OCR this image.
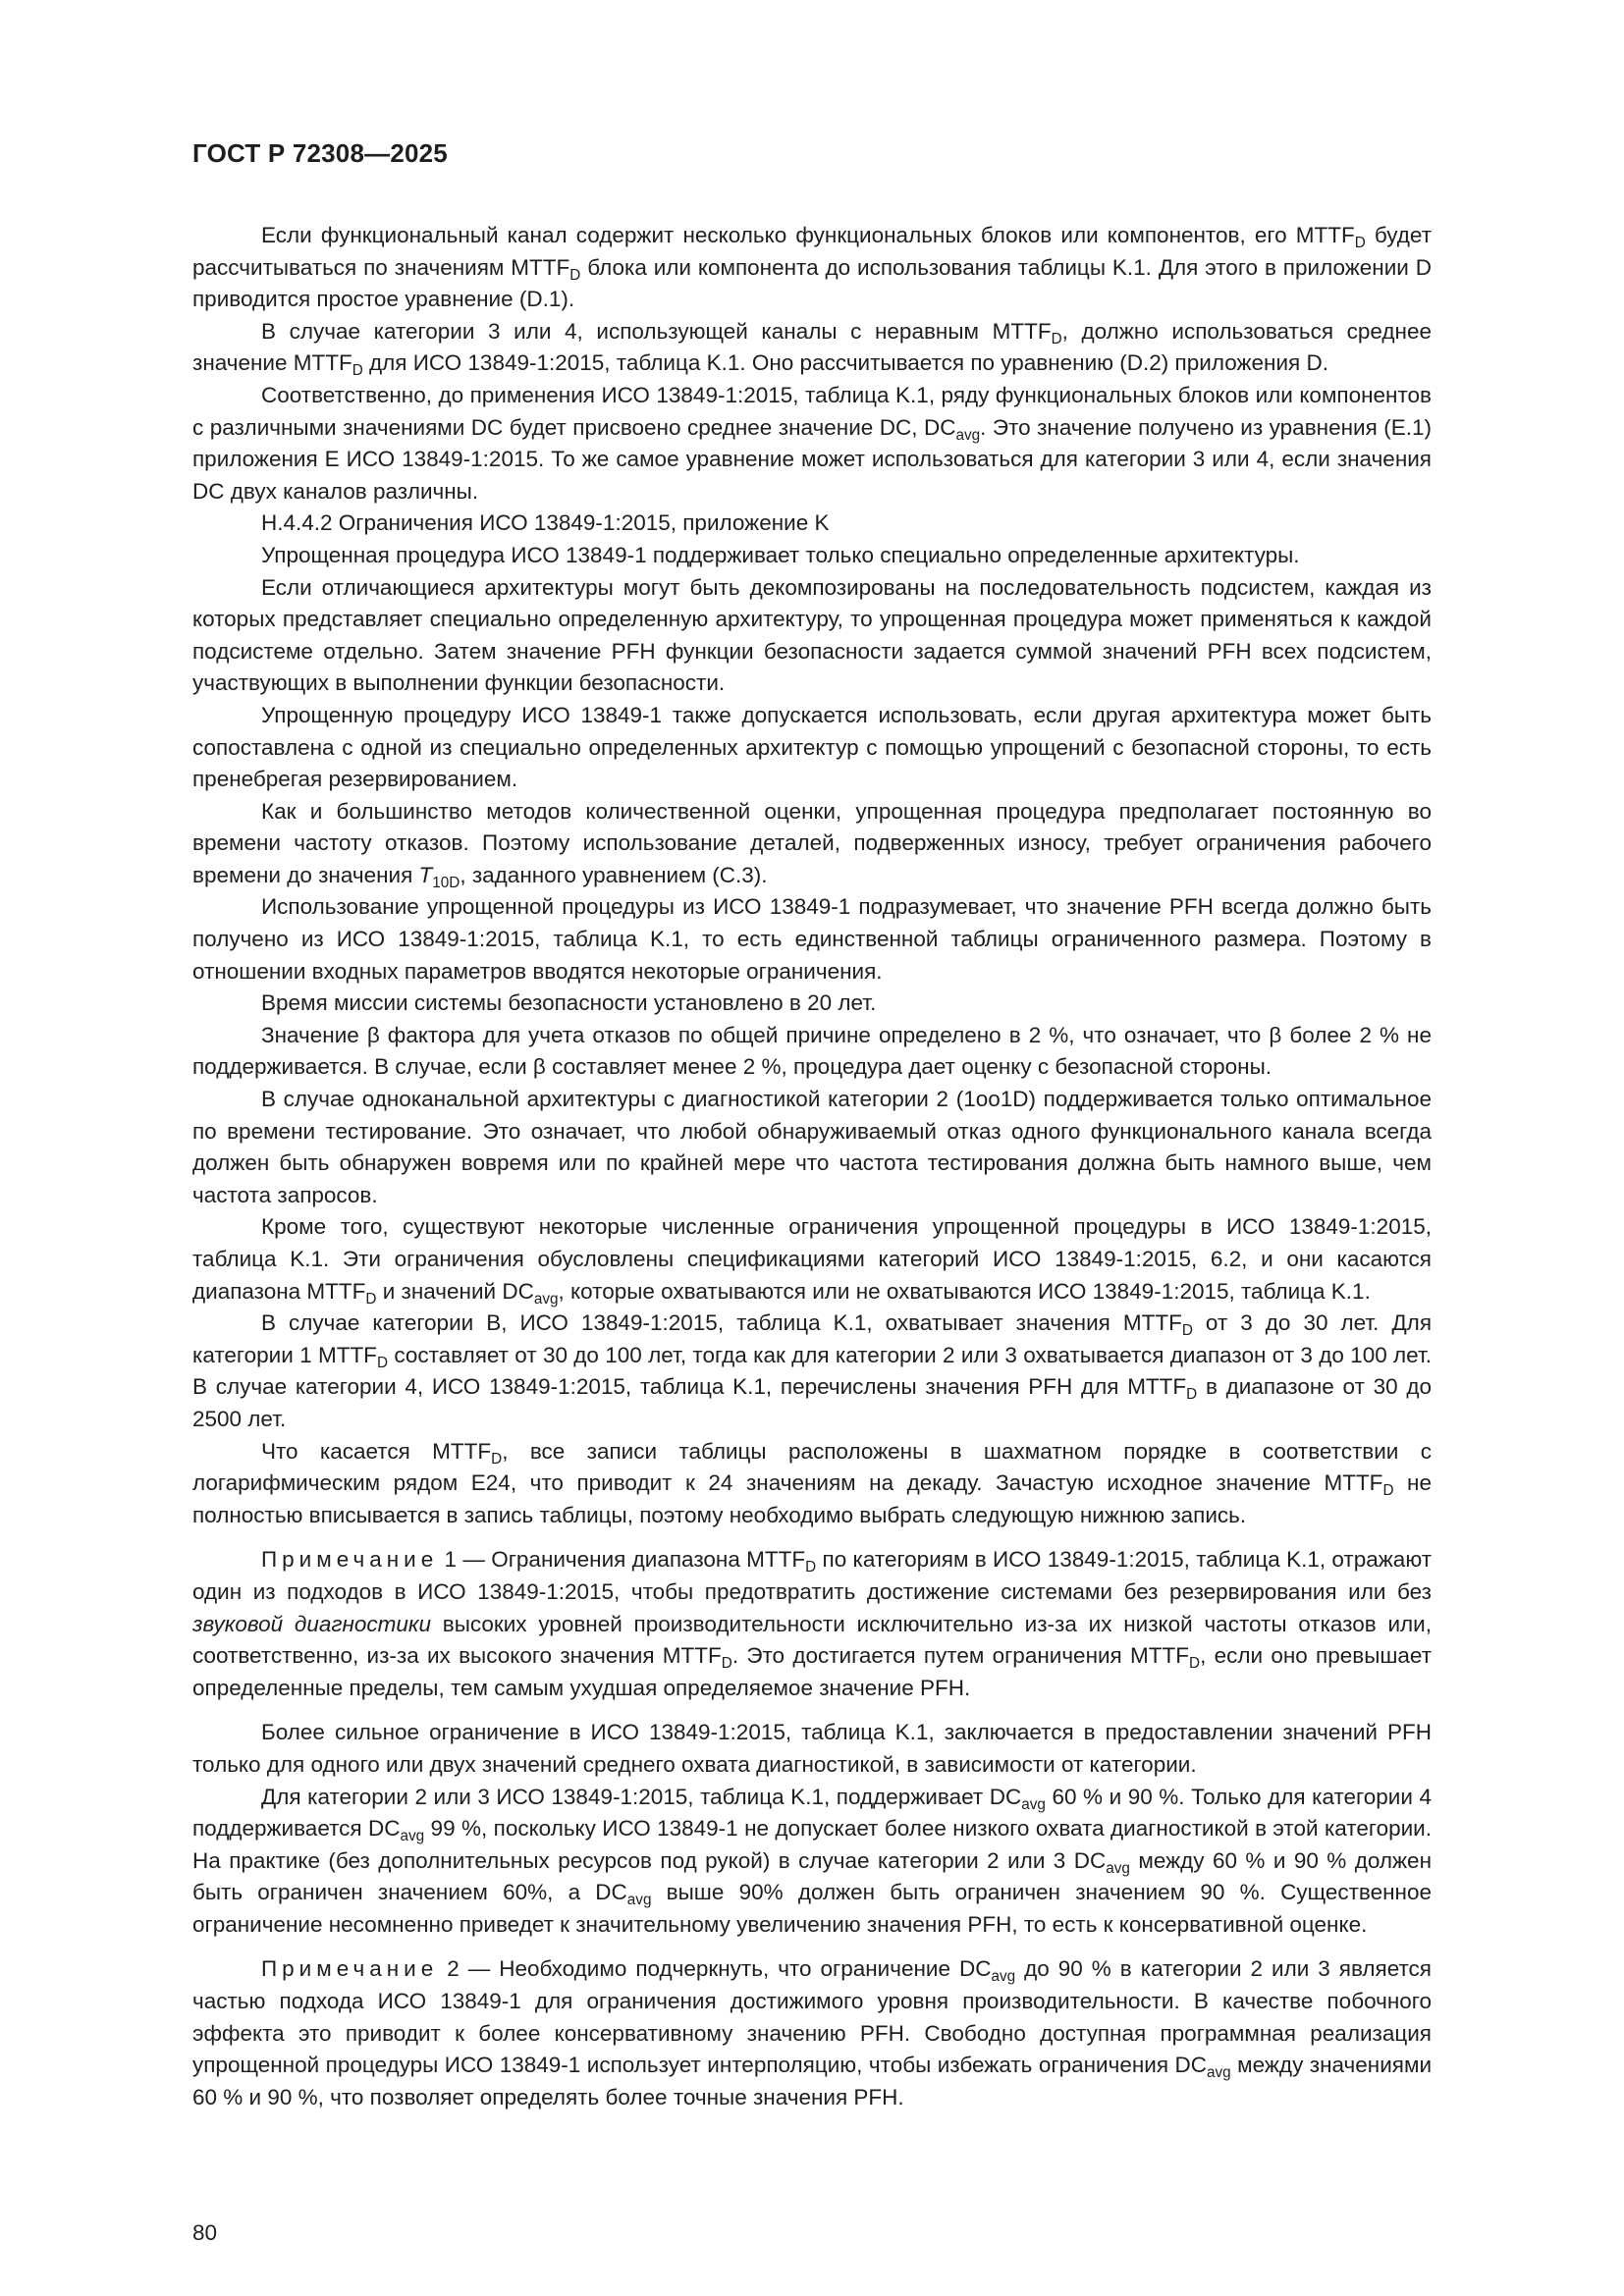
ГОСТ Р 72308—2025

Если функциональный канал содержит несколько функциональных блоков или компонентов, его $MTTF_D$ будет рассчитываться по значениям $MTTF_D$ блока или компонента до использования таблицы K.1. Для этого в приложении D приводится простое уравнение (D.1).

В случае категории 3 или 4, использующей каналы с неравным $MTTF_D$, должно использоваться среднее значение $MTTF_D$ для ИСО 13849-1:2015, таблица K.1. Оно рассчитывается по уравнению (D.2) приложения D.

Соответственно, до применения ИСО 13849-1:2015, таблица K.1, ряду функциональных блоков или компонентов с различными значениями DC будет присвоено среднее значение DC, $DC_{avg}$. Это значение получено из уравнения (E.1) приложения E ИСО 13849-1:2015. То же самое уравнение может использоваться для категории 3 или 4, если значения DC двух каналов различны.

Н.4.4.2 Ограничения ИСО 13849-1:2015, приложение K

Упрощенная процедура ИСО 13849-1 поддерживает только специально определенные архитектуры.

Если отличающиеся архитектуры могут быть декомпозированы на последовательность подсистем, каждая из которых представляет специально определенную архитектуру, то упрощенная процедура может применяться к каждой подсистеме отдельно. Затем значение PFH функции безопасности задается суммой значений PFH всех подсистем, участвующих в выполнении функции безопасности.

Упрощенную процедуру ИСО 13849-1 также допускается использовать, если другая архитектура может быть сопоставлена с одной из специально определенных архитектур с помощью упрощений с безопасной стороны, то есть пренебрегая резервированием.

Как и большинство методов количественной оценки, упрощенная процедура предполагает постоянную во времени частоту отказов. Поэтому использование деталей, подверженных износу, требует ограничения рабочего времени до значения $T_{10D}$, заданного уравнением (C.3).

Использование упрощенной процедуры из ИСО 13849-1 подразумевает, что значение PFH всегда должно быть получено из ИСО 13849-1:2015, таблица K.1, то есть единственной таблицы ограниченного размера. Поэтому в отношении входных параметров вводятся некоторые ограничения.

Время миссии системы безопасности установлено в 20 лет.

Значение β фактора для учета отказов по общей причине определено в 2 %, что означает, что β более 2 % не поддерживается. В случае, если β составляет менее 2 %, процедура дает оценку с безопасной стороны.

В случае одноканальной архитектуры с диагностикой категории 2 (1oo1D) поддерживается только оптимальное по времени тестирование. Это означает, что любой обнаруживаемый отказ одного функционального канала всегда должен быть обнаружен вовремя или по крайней мере что частота тестирования должна быть намного выше, чем частота запросов.

Кроме того, существуют некоторые численные ограничения упрощенной процедуры в ИСО 13849-1:2015, таблица K.1. Эти ограничения обусловлены спецификациями категорий ИСО 13849-1:2015, 6.2, и они касаются диапазона $MTTF_D$ и значений $DC_{avg}$, которые охватываются или не охватываются ИСО 13849-1:2015, таблица K.1.

В случае категории B, ИСО 13849-1:2015, таблица K.1, охватывает значения $MTTF_D$ от 3 до 30 лет. Для категории 1 $MTTF_D$ составляет от 30 до 100 лет, тогда как для категории 2 или 3 охватывается диапазон от 3 до 100 лет. В случае категории 4, ИСО 13849-1:2015, таблица K.1, перечислены значения PFH для $MTTF_D$ в диапазоне от 30 до 2500 лет.

Что касается $MTTF_D$, все записи таблицы расположены в шахматном порядке в соответствии с логарифмическим рядом E24, что приводит к 24 значениям на декаду. Зачастую исходное значение $MTTF_D$ не полностью вписывается в запись таблицы, поэтому необходимо выбрать следующую нижнюю запись.

Примечание 1 — Ограничения диапазона $MTTF_D$ по категориям в ИСО 13849-1:2015, таблица K.1, отражают один из подходов в ИСО 13849-1:2015, чтобы предотвратить достижение системами без резервирования или без звуковой диагностики высоких уровней производительности исключительно из-за их низкой частоты отказов или, соответственно, из-за их высокого значения $MTTF_D$. Это достигается путем ограничения $MTTF_D$, если оно превышает определенные пределы, тем самым ухудшая определяемое значение PFH.

Более сильное ограничение в ИСО 13849-1:2015, таблица K.1, заключается в предоставлении значений PFH только для одного или двух значений среднего охвата диагностикой, в зависимости от категории.

Для категории 2 или 3 ИСО 13849-1:2015, таблица K.1, поддерживает $DC_{avg}$ 60 % и 90 %. Только для категории 4 поддерживается $DC_{avg}$ 99 %, поскольку ИСО 13849-1 не допускает более низкого охвата диагностикой в этой категории. На практике (без дополнительных ресурсов под рукой) в случае категории 2 или 3 $DC_{avg}$ между 60 % и 90 % должен быть ограничен значением 60%, а $DC_{avg}$ выше 90% должен быть ограничен значением 90 %. Существенное ограничение несомненно приведет к значительному увеличению значения PFH, то есть к консервативной оценке.

Примечание 2 — Необходимо подчеркнуть, что ограничение $DC_{avg}$ до 90 % в категории 2 или 3 является частью подхода ИСО 13849-1 для ограничения достижимого уровня производительности. В качестве побочного эффекта это приводит к более консервативному значению PFH. Свободно доступная программная реализация упрощенной процедуры ИСО 13849-1 использует интерполяцию, чтобы избежать ограничения $DC_{avg}$ между значениями 60 % и 90 %, что позволяет определять более точные значения PFH.

80
